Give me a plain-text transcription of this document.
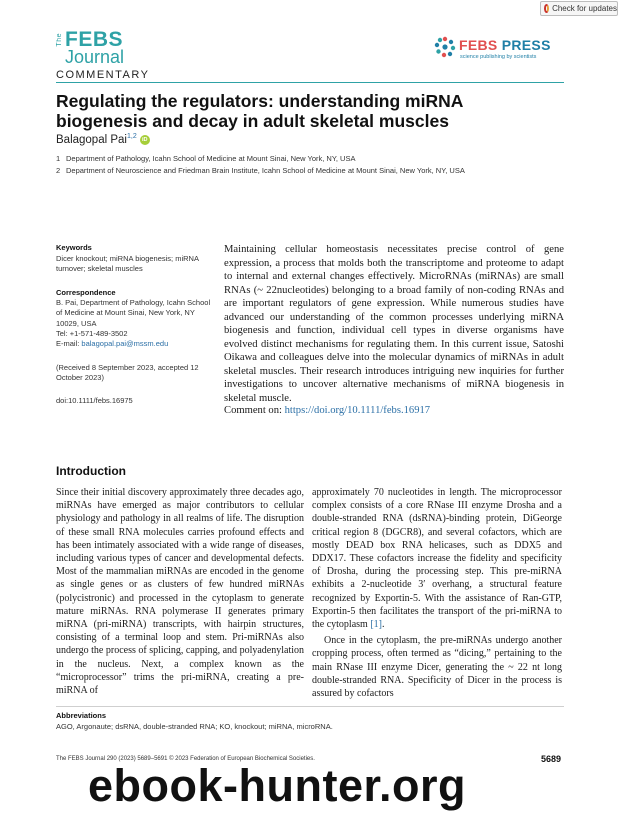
Check for updates
The FEBS
Journal
FEBS PRESS
science publishing by scientists
COMMENTARY
Regulating the regulators: understanding miRNA biogenesis and decay in adult skeletal muscles
Balagopal Pai$^{1,2}$ iD
1 Department of Pathology, Icahn School of Medicine at Mount Sinai, New York, NY, USA
2 Department of Neuroscience and Friedman Brain Institute, Icahn School of Medicine at Mount Sinai, New York, NY, USA
Keywords
Dicer knockout; miRNA biogenesis; miRNA turnover; skeletal muscles
Correspondence
B. Pai, Department of Pathology, Icahn School of Medicine at Mount Sinai, New York, NY 10029, USA
Tel: +1-571-489-3502
E-mail: balagopal.pai@mssm.edu
(Received 8 September 2023, accepted 12 October 2023)
doi:10.1111/febs.16975
Maintaining cellular homeostasis necessitates precise control of gene expression, a process that molds both the transcriptome and proteome to adapt to internal and external changes effectively. MicroRNAs (miRNAs) are small RNAs (~ 22nucleotides) belonging to a broad family of non-coding RNAs and are important regulators of gene expression. While numerous studies have advanced our understanding of the common processes underlying miRNA biogenesis and function, individual cell types in diverse organisms have evolved distinct mechanisms for regulating them. In this current issue, Satoshi Oikawa and colleagues delve into the molecular dynamics of miRNAs in adult skeletal muscles. Their research introduces intriguing new inquiries for further investigations to uncover alternative mechanisms of miRNA biogenesis in skeletal muscle.
Comment on: https://doi.org/10.1111/febs.16917
Introduction

Since their initial discovery approximately three decades ago, miRNAs have emerged as major contributors to cellular physiology and pathology in all realms of life. The disruption of these small RNA molecules carries profound effects and has been intimately associated with a wide range of diseases, including various types of cancer and developmental defects. Most of the mammalian miRNAs are encoded in the genome as single genes or as clusters of few hundred miRNAs (polycistronic) and processed in the cytoplasm to generate mature miRNAs. RNA polymerase II generates primary miRNA (pri-miRNA) transcripts, with hairpin structures, consisting of a terminal loop and stem. Pri-miRNAs also undergo the process of splicing, capping, and polyadenylation in the nucleus. Next, a complex known as the “microprocessor” trims the pri-miRNA, creating a pre-miRNA of

approximately 70 nucleotides in length. The microprocessor complex consists of a core RNase III enzyme Drosha and a double-stranded RNA (dsRNA)-binding protein, DiGeorge critical region 8 (DGCR8), and several cofactors, which are mostly DEAD box RNA helicases, such as DDX5 and DDX17. These cofactors increase the fidelity and specificity of Drosha, during the processing step. This pre-miRNA exhibits a 2-nucleotide 3′ overhang, a structural feature recognized by Exportin-5. With the assistance of Ran-GTP, Exportin-5 then facilitates the transport of the pri-miRNA to the cytoplasm [1].

Once in the cytoplasm, the pre-miRNAs undergo another cropping process, often termed as “dicing,” pertaining to the main RNase III enzyme Dicer, generating the ~ 22 nt long double-stranded RNA. Specificity of Dicer in the process is assured by cofactors

Abbreviations
AGO, Argonaute; dsRNA, double-stranded RNA; KO, knockout; miRNA, microRNA.
The FEBS Journal 290 (2023) 5689–5691 © 2023 Federation of European Biochemical Societies.	5689
ebook-hunter.org
